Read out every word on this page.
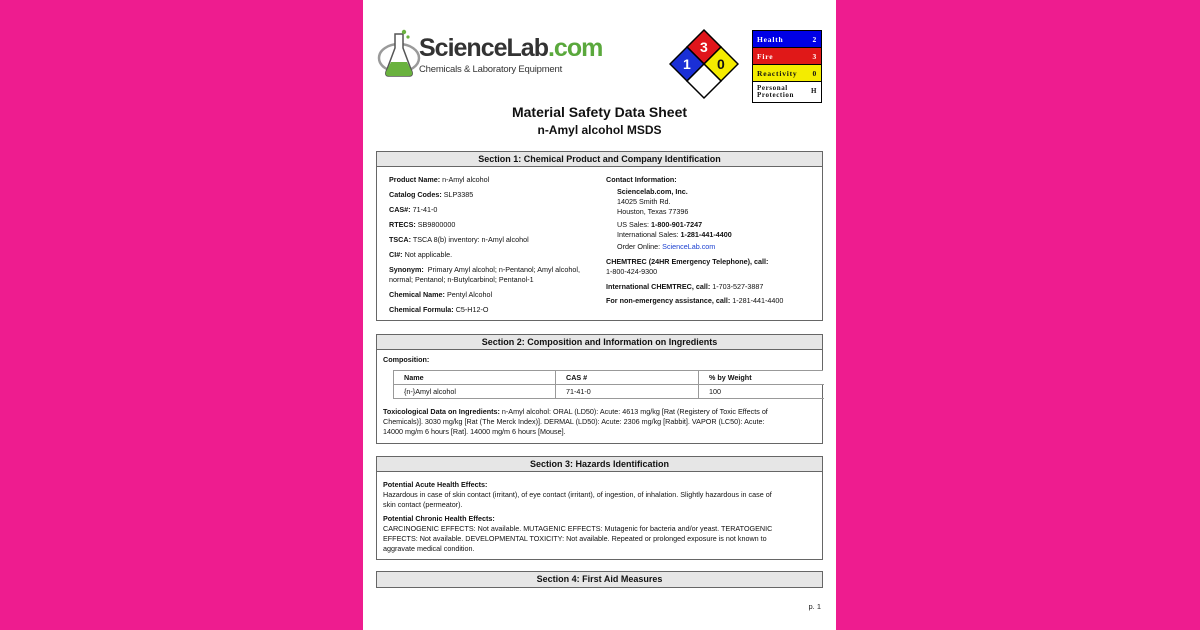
ScienceLab.com
Chemicals & Laboratory Equipment
3
1 0
Health	2
Fire	3
Reactivity 0
Personal
Protection H
Material Safety Data Sheet
n-Amyl alcohol MSDS
Section 1: Chemical Product and Company Identification
Product Name: n-Amyl alcohol
Catalog Codes: SLP3385
CAS#: 71-41-0
RTECS: SB9800000
TSCA: TSCA 8(b) inventory: n-Amyl alcohol
CI#: Not applicable.
Synonym: Primary Amyl alcohol; n-Pentanol; Amyl alcohol, normal; Pentanol; n-Butylcarbinol; Pentanol-1
Chemical Name: Pentyl Alcohol
Chemical Formula: C5-H12-O
Contact Information:
Sciencelab.com, Inc.
14025 Smith Rd.
Houston, Texas 77396
US Sales: 1-800-901-7247
International Sales: 1-281-441-4400
Order Online: ScienceLab.com
CHEMTREC (24HR Emergency Telephone), call:
1-800-424-9300
International CHEMTREC, call: 1-703-527-3887
For non-emergency assistance, call: 1-281-441-4400
Section 2: Composition and Information on Ingredients
Composition:
Name	CAS #	% by Weight
{n-}Amyl alcohol	71-41-0	100
Toxicological Data on Ingredients: n-Amyl alcohol: ORAL (LD50): Acute: 4613 mg/kg [Rat (Registery of Toxic Effects of
Chemicals)]. 3030 mg/kg [Rat (The Merck Index)]. DERMAL (LD50): Acute: 2306 mg/kg [Rabbit]. VAPOR (LC50): Acute:
14000 mg/m 6 hours [Rat]. 14000 mg/m 6 hours [Mouse].
Section 3: Hazards Identification
Potential Acute Health Effects:
Hazardous in case of skin contact (irritant), of eye contact (irritant), of ingestion, of inhalation. Slightly hazardous in case of
skin contact (permeator).
Potential Chronic Health Effects:
CARCINOGENIC EFFECTS: Not available. MUTAGENIC EFFECTS: Mutagenic for bacteria and/or yeast. TERATOGENIC
EFFECTS: Not available. DEVELOPMENTAL TOXICITY: Not available. Repeated or prolonged exposure is not known to
aggravate medical condition.
Section 4: First Aid Measures
p. 1
